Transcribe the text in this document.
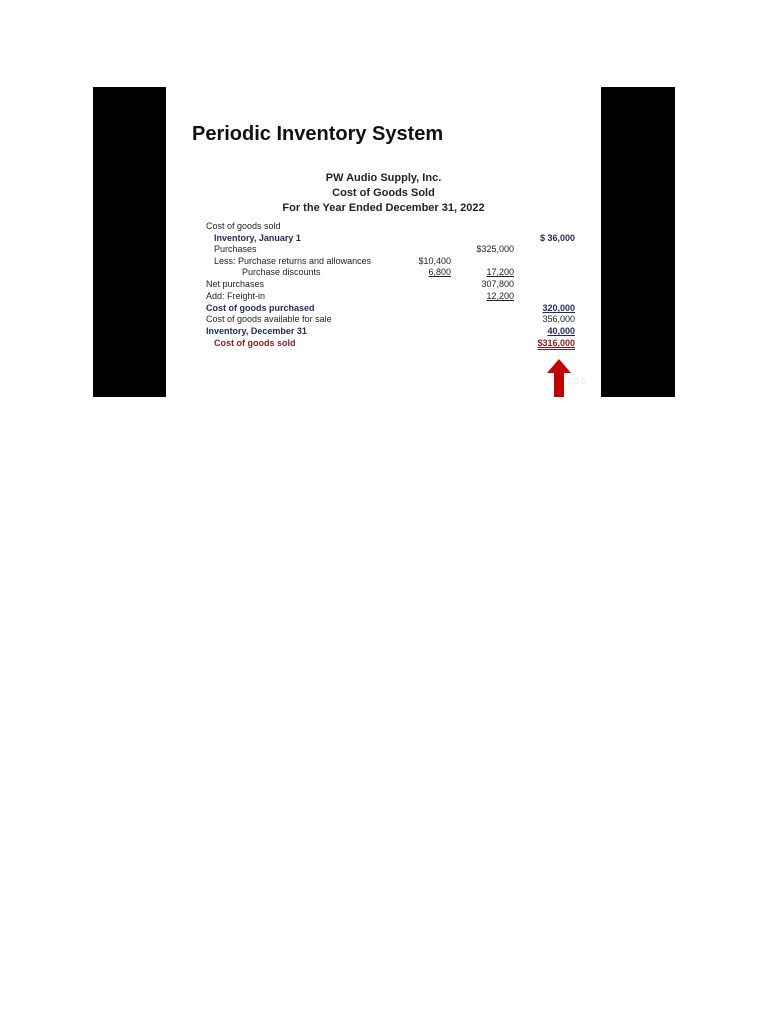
Periodic Inventory System
PW Audio Supply, Inc.
Cost of Goods Sold
For the Year Ended December 31, 2022
Cost of goods sold
Inventory, January 1	$ 36,000
Purchases	$325,000
Less: Purchase returns and allowances	$10,400
Purchase discounts	6,800	17,200
Net purchases	307,800
Add: Freight-in	12,200
Cost of goods purchased	320,000
Cost of goods available for sale	356,000
Inventory, December 31	40,000
Cost of goods sold	$316,000
LO 5
